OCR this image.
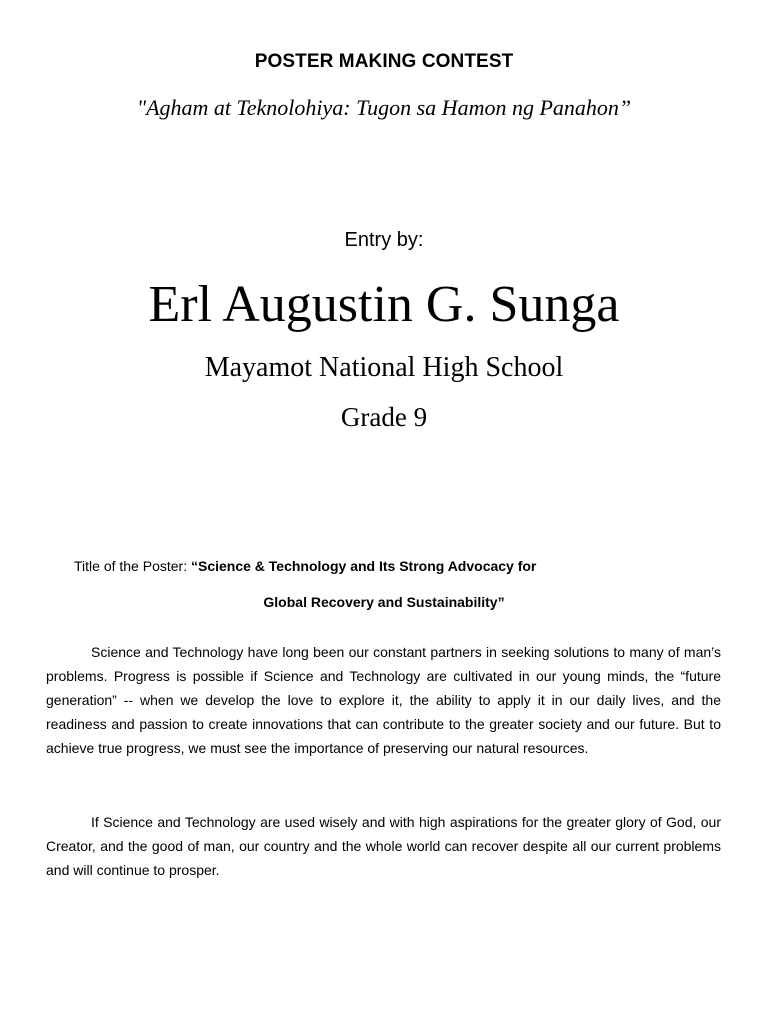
POSTER MAKING CONTEST
"Agham at Teknolohiya: Tugon sa Hamon ng Panahon”
Entry by:
Erl Augustin G. Sunga
Mayamot National High School
Grade 9
Title of the Poster: “Science & Technology and Its Strong Advocacy for
Global Recovery and Sustainability”

Science and Technology have long been our constant partners in seeking solutions to many of man’s problems. Progress is possible if Science and Technology are cultivated in our young minds, the “future generation” -- when we develop the love to explore it, the ability to apply it in our daily lives, and the readiness and passion to create innovations that can contribute to the greater society and our future. But to achieve true progress, we must see the importance of preserving our natural resources.

If Science and Technology are used wisely and with high aspirations for the greater glory of God, our Creator, and the good of man, our country and the whole world can recover despite all our current problems and will continue to prosper.
